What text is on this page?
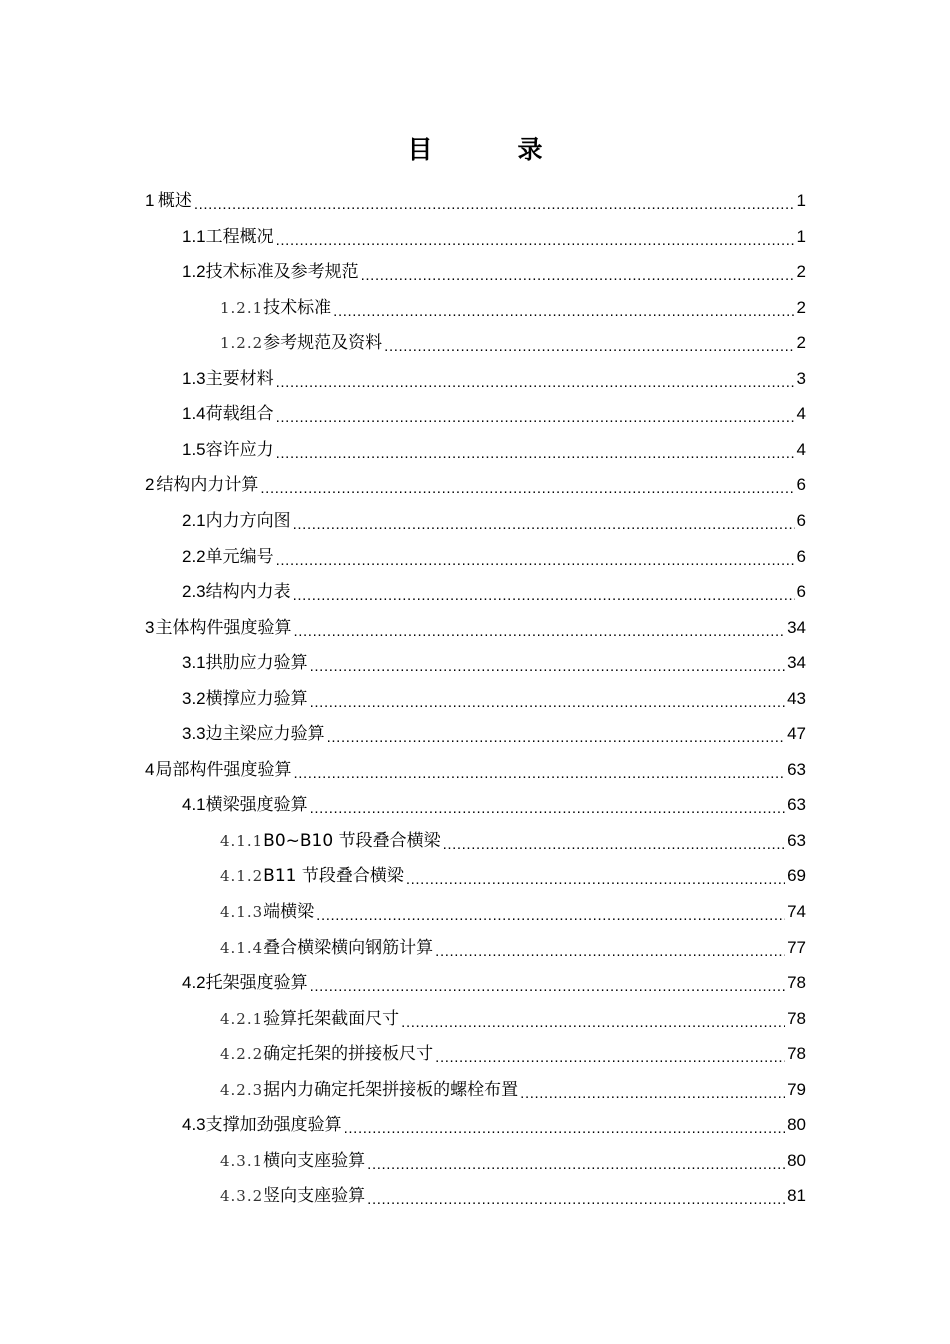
目　录
1 概述 .....	1
1.1 工程概况 .....	1
1.2 技术标准及参考规范 .....	2
1.2.1 技术标准 .....	2
1.2.2 参考规范及资料 .....	2
1.3 主要材料 .....	3
1.4 荷载组合 .....	4
1.5 容许应力 .....	4
2 结构内力计算 .....	6
2.1 内力方向图 .....	6
2.2 单元编号 .....	6
2.3 结构内力表 .....	6
3 主体构件强度验算 .....	34
3.1 拱肋应力验算 .....	34
3.2 横撑应力验算 .....	43
3.3 边主梁应力验算 .....	47
4 局部构件强度验算 .....	63
4.1 横梁强度验算 .....	63
4.1.1 B0~B10 节段叠合横梁 .....	63
4.1.2 B11 节段叠合横梁 .....	69
4.1.3 端横梁 .....	74
4.1.4 叠合横梁横向钢筋计算 .....	77
4.2 托架强度验算 .....	78
4.2.1 验算托架截面尺寸 .....	78
4.2.2 确定托架的拼接板尺寸 .....	78
4.2.3 据内力确定托架拼接板的螺栓布置 .....	79
4.3 支撑加劲强度验算 .....	80
4.3.1 横向支座验算 .....	80
4.3.2 竖向支座验算 .....	81
